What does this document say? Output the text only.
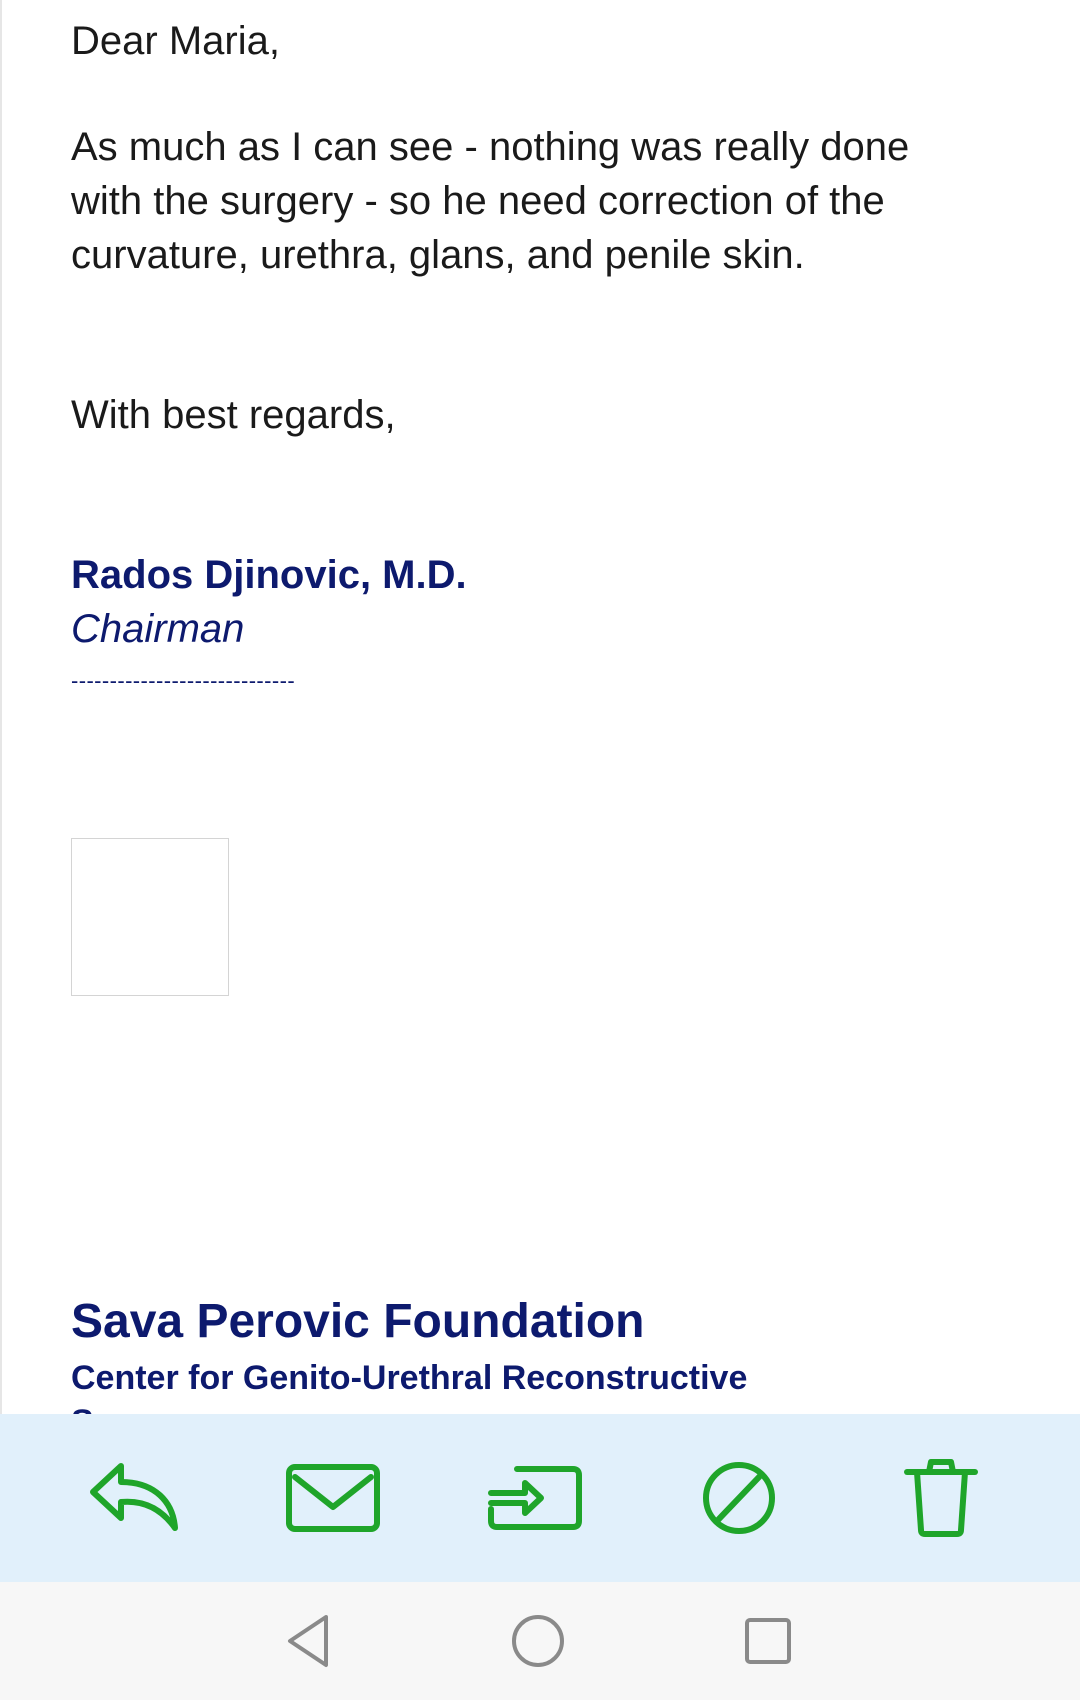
Dear Maria,

As much as I can see - nothing was really done with the surgery - so he need correction of the curvature, urethra, glans, and penile skin.

With best regards,

Rados Djinovic, M.D.

Chairman

-----------------------------

Sava Perovic Foundation

Center for Genito-Urethral Reconstructive
